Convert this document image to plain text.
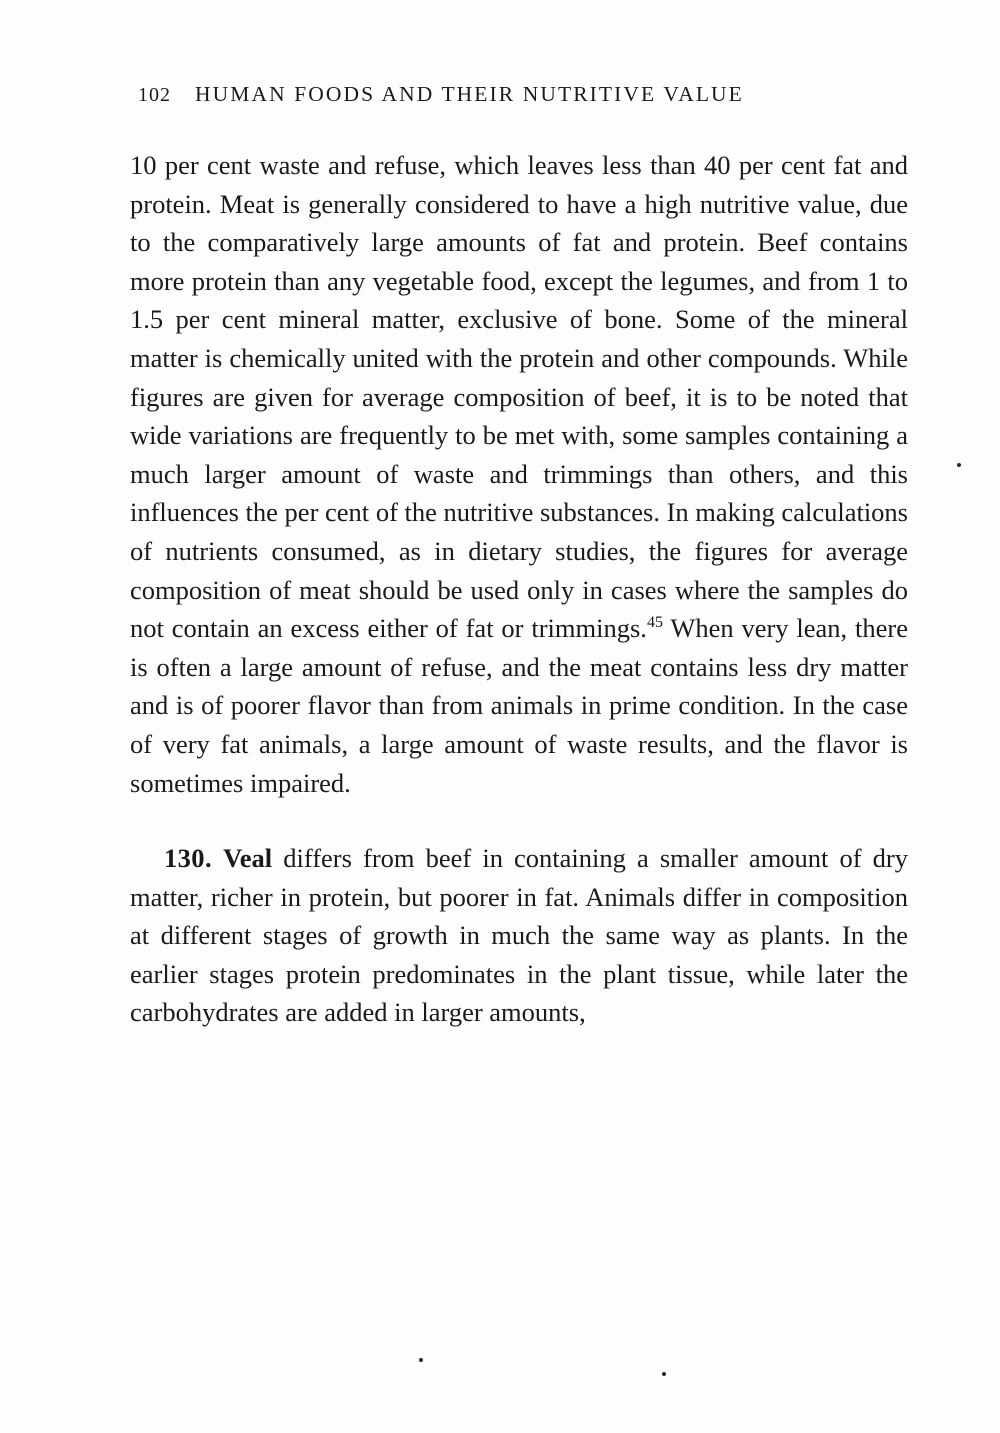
102 HUMAN FOODS AND THEIR NUTRITIVE VALUE

10 per cent waste and refuse, which leaves less than 40 per cent fat and protein. Meat is generally considered to have a high nutritive value, due to the comparatively large amounts of fat and protein. Beef contains more protein than any vegetable food, except the legumes, and from 1 to 1.5 per cent mineral matter, exclusive of bone. Some of the mineral matter is chemically united with the protein and other compounds. While figures are given for average composition of beef, it is to be noted that wide variations are frequently to be met with, some samples containing a much larger amount of waste and trimmings than others, and this influences the per cent of the nutritive substances. In making calculations of nutrients consumed, as in dietary studies, the figures for average composition of meat should be used only in cases where the samples do not contain an excess either of fat or trimmings.$^{45}$ When very lean, there is often a large amount of refuse, and the meat contains less dry matter and is of poorer flavor than from animals in prime condition. In the case of very fat animals, a large amount of waste results, and the flavor is sometimes impaired.

130. Veal differs from beef in containing a smaller amount of dry matter, richer in protein, but poorer in fat. Animals differ in composition at different stages of growth in much the same way as plants. In the earlier stages protein predominates in the plant tissue, while later the carbohydrates are added in larger amounts,
